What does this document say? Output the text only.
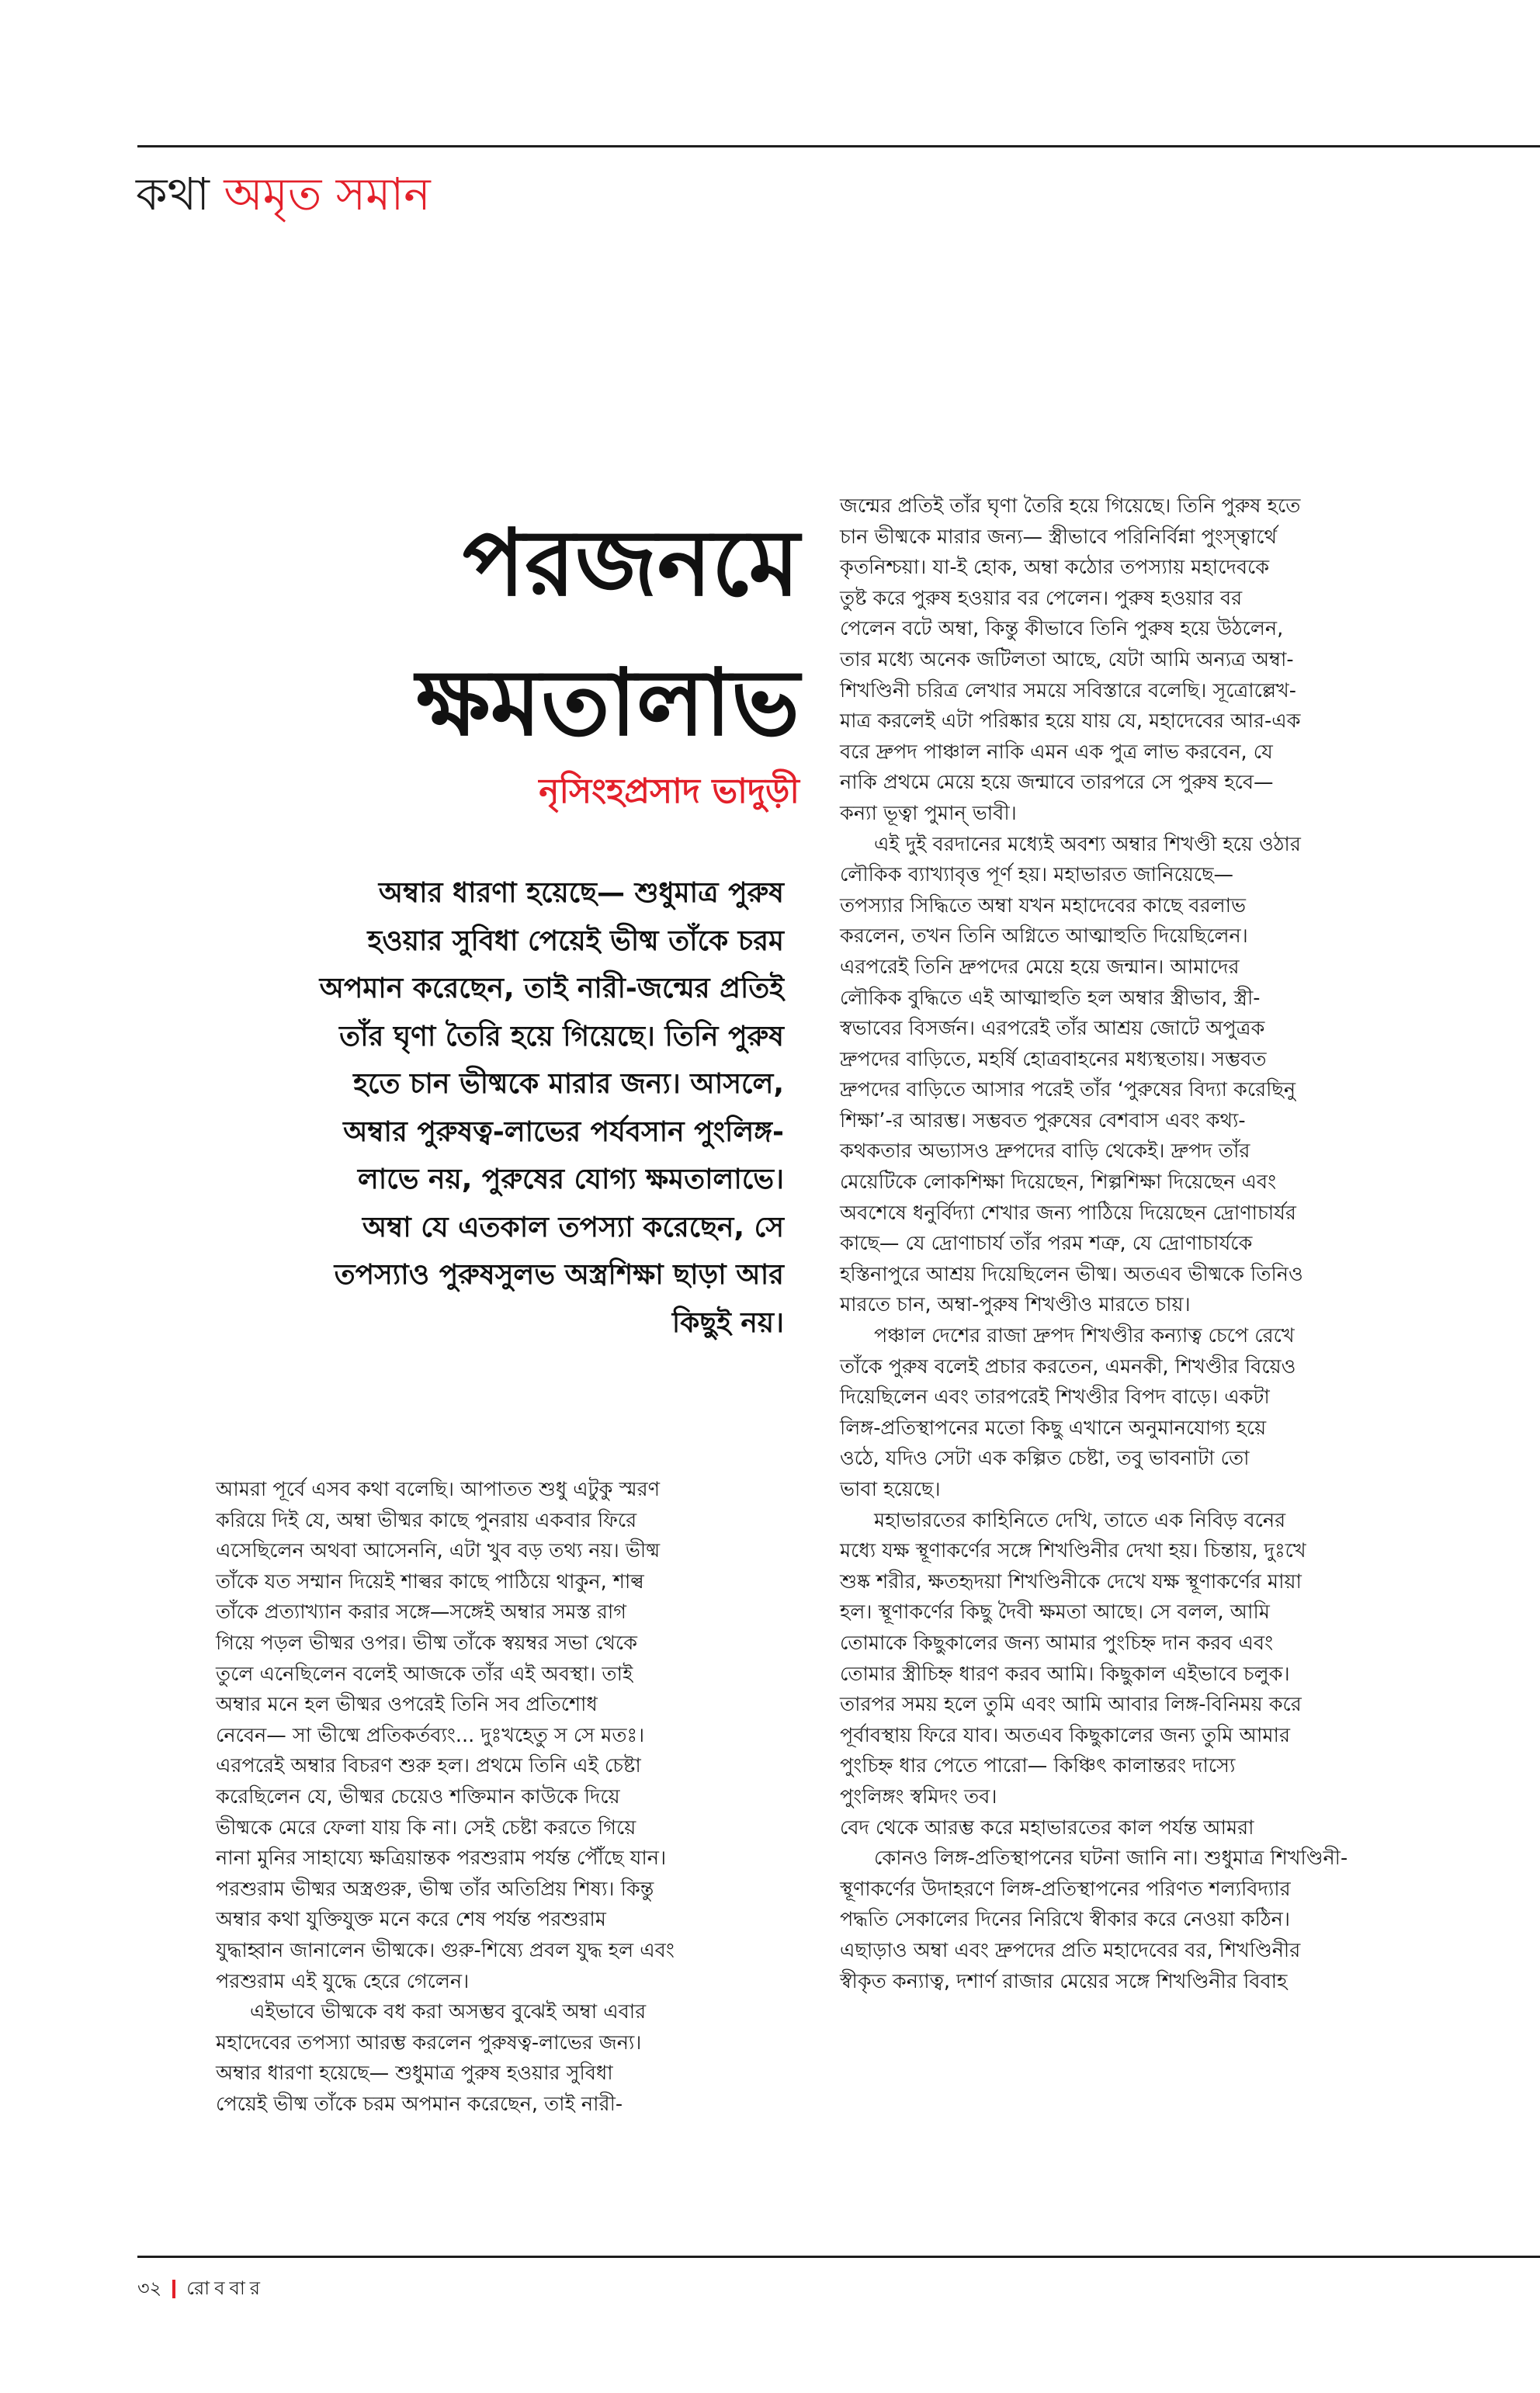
কথা অমৃত সমান
পরজনমে
ক্ষমতালাভ
নৃসিংহপ্রসাদ ভাদুড়ী
অম্বার ধারণা হয়েছে— শুধুমাত্র পুরুষ
হওয়ার সুবিধা পেয়েই ভীষ্ম তাঁকে চরম
অপমান করেছেন, তাই নারী-জন্মের প্রতিই
তাঁর ঘৃণা তৈরি হয়ে গিয়েছে। তিনি পুরুষ
হতে চান ভীষ্মকে মারার জন্য। আসলে,
অম্বার পুরুষত্ব-লাভের পর্যবসান পুংলিঙ্গ-
লাভে নয়, পুরুষের যোগ্য ক্ষমতালাভে।
অম্বা যে এতকাল তপস্যা করেছেন, সে
তপস্যাও পুরুষসুলভ অস্ত্রশিক্ষা ছাড়া আর
কিছুই নয়।
আমরা পূর্বে এসব কথা বলেছি। আপাতত শুধু এটুকু স্মরণ
করিয়ে দিই যে, অম্বা ভীষ্মর কাছে পুনরায় একবার ফিরে
এসেছিলেন অথবা আসেননি, এটা খুব বড় তথ্য নয়। ভীষ্ম
তাঁকে যত সম্মান দিয়েই শাল্বর কাছে পাঠিয়ে থাকুন, শাল্ব
তাঁকে প্রত্যাখ্যান করার সঙ্গে—সঙ্গেই অম্বার সমস্ত রাগ
গিয়ে পড়ল ভীষ্মর ওপর। ভীষ্ম তাঁকে স্বয়ম্বর সভা থেকে
তুলে এনেছিলেন বলেই আজকে তাঁর এই অবস্থা। তাই
অম্বার মনে হল ভীষ্মর ওপরেই তিনি সব প্রতিশোধ
নেবেন— সা ভীষ্মে প্রতিকর্তব্যং... দুঃখহেতু স সে মতঃ।
এরপরেই অম্বার বিচরণ শুরু হল। প্রথমে তিনি এই চেষ্টা
করেছিলেন যে, ভীষ্মর চেয়েও শক্তিমান কাউকে দিয়ে
ভীষ্মকে মেরে ফেলা যায় কি না। সেই চেষ্টা করতে গিয়ে
নানা মুনির সাহায্যে ক্ষত্রিয়ান্তক পরশুরাম পর্যন্ত পৌঁছে যান।
পরশুরাম ভীষ্মর অস্ত্রগুরু, ভীষ্ম তাঁর অতিপ্রিয় শিষ্য। কিন্তু
অম্বার কথা যুক্তিযুক্ত মনে করে শেষ পর্যন্ত পরশুরাম
যুদ্ধাহ্বান জানালেন ভীষ্মকে। গুরু-শিষ্যে প্রবল যুদ্ধ হল এবং
পরশুরাম এই যুদ্ধে হেরে গেলেন।
এইভাবে ভীষ্মকে বধ করা অসম্ভব বুঝেই অম্বা এবার
মহাদেবের তপস্যা আরম্ভ করলেন পুরুষত্ব-লাভের জন্য।
অম্বার ধারণা হয়েছে— শুধুমাত্র পুরুষ হওয়ার সুবিধা
পেয়েই ভীষ্ম তাঁকে চরম অপমান করেছেন, তাই নারী-
জন্মের প্রতিই তাঁর ঘৃণা তৈরি হয়ে গিয়েছে। তিনি পুরুষ হতে
চান ভীষ্মকে মারার জন্য— স্ত্রীভাবে পরিনির্বিন্না পুংস্ত্বার্থে
কৃতনিশ্চয়া। যা-ই হোক, অম্বা কঠোর তপস্যায় মহাদেবকে
তুষ্ট করে পুরুষ হওয়ার বর পেলেন। পুরুষ হওয়ার বর
পেলেন বটে অম্বা, কিন্তু কীভাবে তিনি পুরুষ হয়ে উঠলেন,
তার মধ্যে অনেক জটিলতা আছে, যেটা আমি অন্যত্র অম্বা-
শিখণ্ডিনী চরিত্র লেখার সময়ে সবিস্তারে বলেছি। সূত্রোল্লেখ-
মাত্র করলেই এটা পরিষ্কার হয়ে যায় যে, মহাদেবের আর-এক
বরে দ্রুপদ পাঞ্চাল নাকি এমন এক পুত্র লাভ করবেন, যে
নাকি প্রথমে মেয়ে হয়ে জন্মাবে তারপরে সে পুরুষ হবে—
কন্যা ভূত্বা পুমান্ ভাবী।
এই দুই বরদানের মধ্যেই অবশ্য অম্বার শিখণ্ডী হয়ে ওঠার
লৌকিক ব্যাখ্যাবৃত্ত পূর্ণ হয়। মহাভারত জানিয়েছে—
তপস্যার সিদ্ধিতে অম্বা যখন মহাদেবের কাছে বরলাভ
করলেন, তখন তিনি অগ্নিতে আত্মাহুতি দিয়েছিলেন।
এরপরেই তিনি দ্রুপদের মেয়ে হয়ে জন্মান। আমাদের
লৌকিক বুদ্ধিতে এই আত্মাহুতি হল অম্বার স্ত্রীভাব, স্ত্রী-
স্বভাবের বিসর্জন। এরপরেই তাঁর আশ্রয় জোটে অপুত্রক
দ্রুপদের বাড়িতে, মহর্ষি হোত্রবাহনের মধ্যস্থতায়। সম্ভবত
দ্রুপদের বাড়িতে আসার পরেই তাঁর ‘পুরুষের বিদ্যা করেছিনু
শিক্ষা’-র আরম্ভ। সম্ভবত পুরুষের বেশবাস এবং কথ্য-
কথকতার অভ্যাসও দ্রুপদের বাড়ি থেকেই। দ্রুপদ তাঁর
মেয়েটিকে লোকশিক্ষা দিয়েছেন, শিল্পশিক্ষা দিয়েছেন এবং
অবশেষে ধনুর্বিদ্যা শেখার জন্য পাঠিয়ে দিয়েছেন দ্রোণাচার্যর
কাছে— যে দ্রোণাচার্য তাঁর পরম শত্রু, যে দ্রোণাচার্যকে
হস্তিনাপুরে আশ্রয় দিয়েছিলেন ভীষ্ম। অতএব ভীষ্মকে তিনিও
মারতে চান, অম্বা-পুরুষ শিখণ্ডীও মারতে চায়।
পঞ্চাল দেশের রাজা দ্রুপদ শিখণ্ডীর কন্যাত্ব চেপে রেখে
তাঁকে পুরুষ বলেই প্রচার করতেন, এমনকী, শিখণ্ডীর বিয়েও
দিয়েছিলেন এবং তারপরেই শিখণ্ডীর বিপদ বাড়ে। একটা
লিঙ্গ-প্রতিস্থাপনের মতো কিছু এখানে অনুমানযোগ্য হয়ে
ওঠে, যদিও সেটা এক কল্পিত চেষ্টা, তবু ভাবনাটা তো
ভাবা হয়েছে।
মহাভারতের কাহিনিতে দেখি, তাতে এক নিবিড় বনের
মধ্যে যক্ষ স্থূণাকর্ণের সঙ্গে শিখণ্ডিনীর দেখা হয়। চিন্তায়, দুঃখে
শুষ্ক শরীর, ক্ষতহৃদয়া শিখণ্ডিনীকে দেখে যক্ষ স্থূণাকর্ণের মায়া
হল। স্থূণাকর্ণের কিছু দৈবী ক্ষমতা আছে। সে বলল, আমি
তোমাকে কিছুকালের জন্য আমার পুংচিহ্ন দান করব এবং
তোমার স্ত্রীচিহ্ন ধারণ করব আমি। কিছুকাল এইভাবে চলুক।
তারপর সময় হলে তুমি এবং আমি আবার লিঙ্গ-বিনিময় করে
পূর্বাবস্থায় ফিরে যাব। অতএব কিছুকালের জন্য তুমি আমার
পুংচিহ্ন ধার পেতে পারো— কিঞ্চিৎ কালান্তরং দাস্যে
পুংলিঙ্গং স্বমিদং তব।
বেদ থেকে আরম্ভ করে মহাভারতের কাল পর্যন্ত আমরা
কোনও লিঙ্গ-প্রতিস্থাপনের ঘটনা জানি না। শুধুমাত্র শিখণ্ডিনী-
স্থূণাকর্ণের উদাহরণে লিঙ্গ-প্রতিস্থাপনের পরিণত শল্যবিদ্যার
পদ্ধতি সেকালের দিনের নিরিখে স্বীকার করে নেওয়া কঠিন।
এছাড়াও অম্বা এবং দ্রুপদের প্রতি মহাদেবের বর, শিখণ্ডিনীর
স্বীকৃত কন্যাত্ব, দশার্ণ রাজার মেয়ের সঙ্গে শিখণ্ডিনীর বিবাহ
৩২ রোববার
